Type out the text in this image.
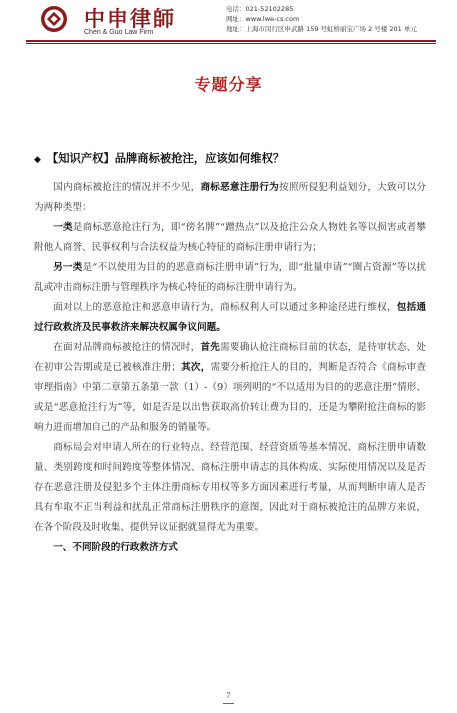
中申律師
Chen & Guo Law Firm
电话：021-52102285
网址：www.lwe-cs.com
地址：上海市闵行区申武路 159 号虹桥丽宝广场 2 号楼 201 单元
专题分享
◆ 【知识产权】品牌商标被抢注，应该如何维权？

国内商标被抢注的情况并不少见，商标恶意注册行为按照所侵犯利益划分，大致可以分为两种类型：

一类是商标恶意抢注行为，即“傍名牌”“蹭热点”以及抢注公众人物姓名等以损害或者攀附他人商誉、民事权利与合法权益为核心特征的商标注册申请行为；

另一类是“不以使用为目的的恶意商标注册申请”行为，即“批量申请”“圈占资源”等以扰乱或冲击商标注册与管理秩序为核心特征的商标注册申请行为。

面对以上的恶意抢注和恶意申请行为，商标权利人可以通过多种途径进行维权，包括通过行政救济及民事救济来解决权属争议问题。

在面对品牌商标被抢注的情况时，首先需要确认抢注商标目前的状态，是待审状态、处在初审公告期或是已被核准注册；其次，需要分析抢注人的目的，判断是否符合《商标审查审理指南》中第二章第五条第一款（1）-（9）项列明的“不以适用为目的的恶意注册”情形、或是“恶意抢注行为”等，如是否是以出售获取高价转让费为目的，还是为攀附抢注商标的影响力进而增加自己的产品和服务的销量等。

商标局会对申请人所在的行业特点、经营范围、经营资质等基本情况、商标注册申请数量、类别跨度和时间跨度等整体情况、商标注册申请志的具体构成、实际使用情况以及是否存在恶意注册及侵犯多个主体注册商标专用权等多方面因素进行考量，从而判断申请人是否具有牟取不正当利益和扰乱正常商标注册秩序的意图，因此对于商标被抢注的品牌方来说，在各个阶段及时收集、提供异议证据就显得尤为重要。

一、不同阶段的行政救济方式

7
